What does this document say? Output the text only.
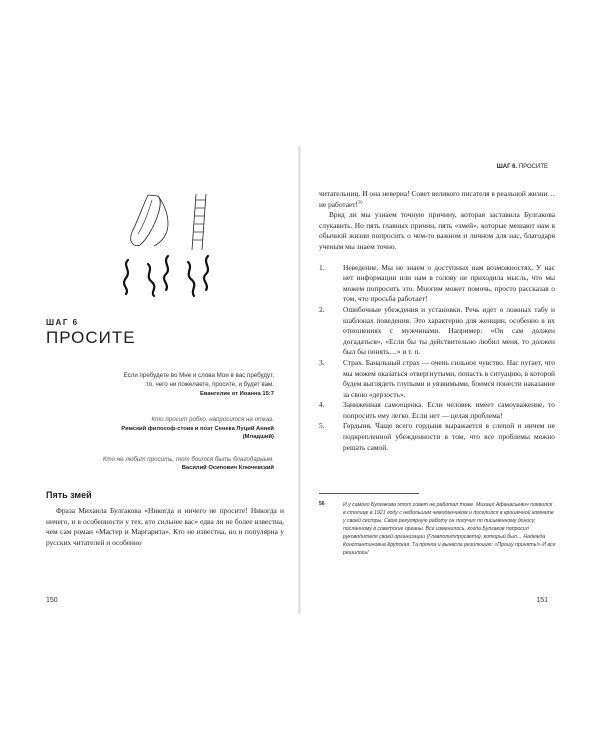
ШАГ 6
ПРОСИТЕ
Если пребудете во Мне и слова Мои в вас пребудут,
то, чего ни пожелаете, просите, и будет вам.
Евангелие от Иоанна 15:7
Кто просит робко, напросится на отказ.
Римский философ-стоик и поэт Сенека Луций Анней (Младший)
Кто не любит просить, тот боится быть благодарным.
Василий Осипович Ключевский
Пять змей

Фраза Михаила Булгакова «Никогда и ничего не просите! Никогда и ничего, и в особенности у тех, кто сильнее вас» едва ли не более известна, чем сам роман «Мастер и Маргарита». Кто не известна, но и популярна у русских читателей и особенно

150
ШАГ 6. ПРОСИТЕ

читательниц. И она неверна! Совет великого писателя в реальной жизни… не работает!$^{56}$

Вряд ли мы узнаем точную причину, которая заставила Булгакова слукавить. Но пять главных причин, пять «змей», которые мешают нам в обычной жизни попросить о чем-то важном и личном для нас, благодаря ученым мы знаем точно.

1. Неведение. Мы не знаем о доступных нам возможностях. У нас нет информации или нам в голову не приходила мысль, что мы можем попросить это. Многим может помочь, просто рассказав о том, что просьба работает!
2. Ошибочные убеждения и установки. Речь идет о ложных табу и шаблонах поведения. Это характерно для женщин, особенно в их отношениях с мужчинами. Например: «Он сам должен догадаться», «Если бы ты действительно любил меня, то должен был бы понять…» и т. п.
3. Страх. Банальный страх — очень сильное чувство. Нас пугает, что мы можем оказаться отвергнутыми, попасть в ситуацию, в которой будем выглядеть глупыми и уязвимыми, боимся понести наказание за свою «дерзость».
4. Заниженная самооценка. Если человек имеет самоуважение, то попросить ему легко. Если нет — целая проблема!
5. Гордыня. Чаще всего гордыня выражается в слепой и ничем не подкрепленной убежденности в том, что все проблемы можно решать самой.
56	И у самого Булгакова этот совет не работал тоже. Михаил Афанасьевич появился в столице в 1921 году с небольшим чемоданчиком и поселился в крошечной комнате у своей сестры. Свою регулярную работу он получил по письменному доносу, посланному в советские органы. Все изменилось, когда Булгаков попросил руководителя своей организации (Главполитпросвета), который был… Надежда Константиновна Крупская. Та прочла и вынесла резолюцию: «Прошу принять!» И все решилось!
151
